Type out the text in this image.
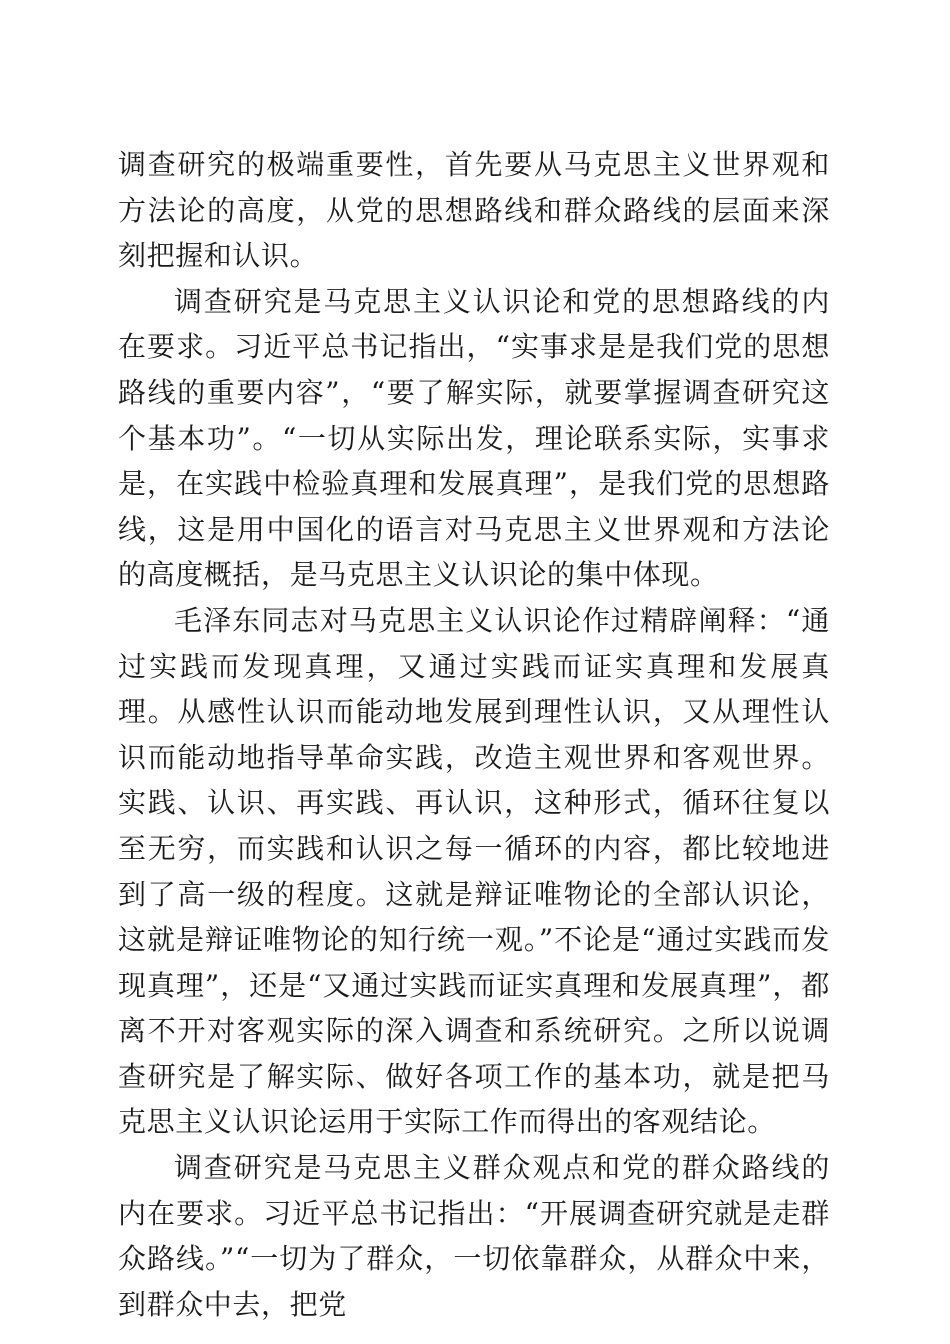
调查研究的极端重要性，首先要从马克思主义世界观和方法论的高度，从党的思想路线和群众路线的层面来深刻把握和认识。

调查研究是马克思主义认识论和党的思想路线的内在要求。习近平总书记指出，“实事求是是我们党的思想路线的重要内容”，“要了解实际，就要掌握调查研究这个基本功”。“一切从实际出发，理论联系实际，实事求是，在实践中检验真理和发展真理”，是我们党的思想路线，这是用中国化的语言对马克思主义世界观和方法论的高度概括，是马克思主义认识论的集中体现。

毛泽东同志对马克思主义认识论作过精辟阐释：“通过实践而发现真理，又通过实践而证实真理和发展真理。从感性认识而能动地发展到理性认识，又从理性认识而能动地指导革命实践，改造主观世界和客观世界。实践、认识、再实践、再认识，这种形式，循环往复以至无穷，而实践和认识之每一循环的内容，都比较地进到了高一级的程度。这就是辩证唯物论的全部认识论，这就是辩证唯物论的知行统一观。”不论是“通过实践而发现真理”，还是“又通过实践而证实真理和发展真理”，都离不开对客观实际的深入调查和系统研究。之所以说调查研究是了解实际、做好各项工作的基本功，就是把马克思主义认识论运用于实际工作而得出的客观结论。

调查研究是马克思主义群众观点和党的群众路线的内在要求。习近平总书记指出：“开展调查研究就是走群众路线。”“一切为了群众，一切依靠群众，从群众中来，到群众中去，把党
